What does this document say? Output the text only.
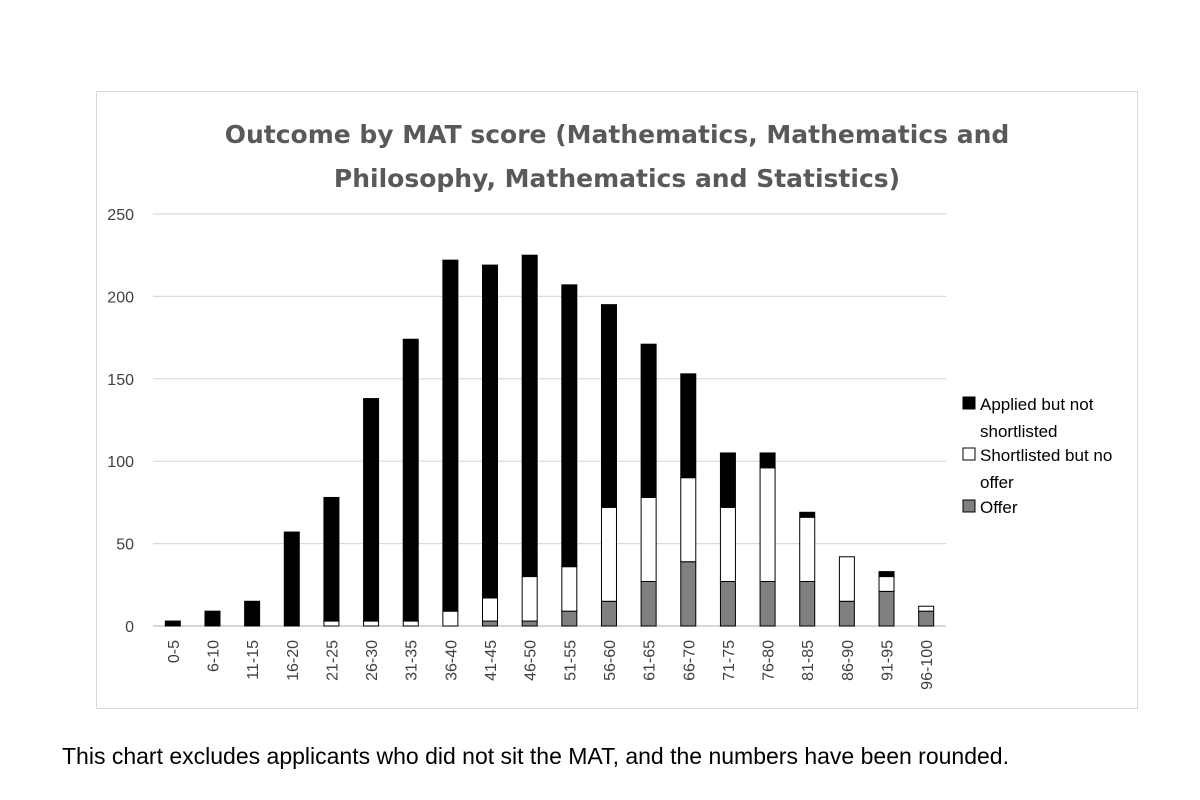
Outcome by MAT score (Mathematics, Mathematics and
Philosophy, Mathematics and Statistics)
0
50
100
150
200
250
0-5 6-10 11-15 16-20 21-25 26-30 31-35 36-40 41-45 46-50 51-55 56-60 61-65 66-70 71-75 76-80 81-85 86-90 91-95 96-100
Applied but not
shortlisted
Shortlisted but no
offer
Offer
This chart excludes applicants who did not sit the MAT, and the numbers have been rounded.
